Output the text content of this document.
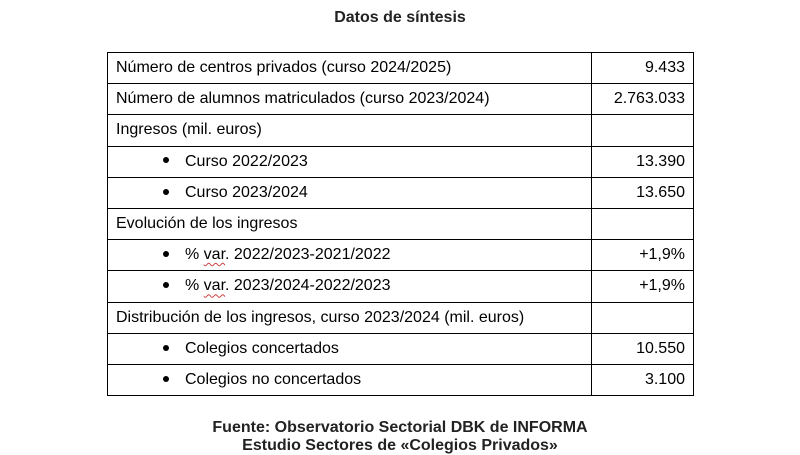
Datos de síntesis
Número de centros privados (curso 2024/2025)	9.433
Número de alumnos matriculados (curso 2023/2024)	2.763.033
Ingresos (mil. euros)	
Curso 2022/2023	13.390
Curso 2023/2024	13.650
Evolución de los ingresos	
% var. 2022/2023-2021/2022	+1,9%
% var. 2023/2024-2022/2023	+1,9%
Distribución de los ingresos, curso 2023/2024 (mil. euros)	
Colegios concertados	10.550
Colegios no concertados	3.100
Fuente: Observatorio Sectorial DBK de INFORMA
Estudio Sectores de «Colegios Privados»
